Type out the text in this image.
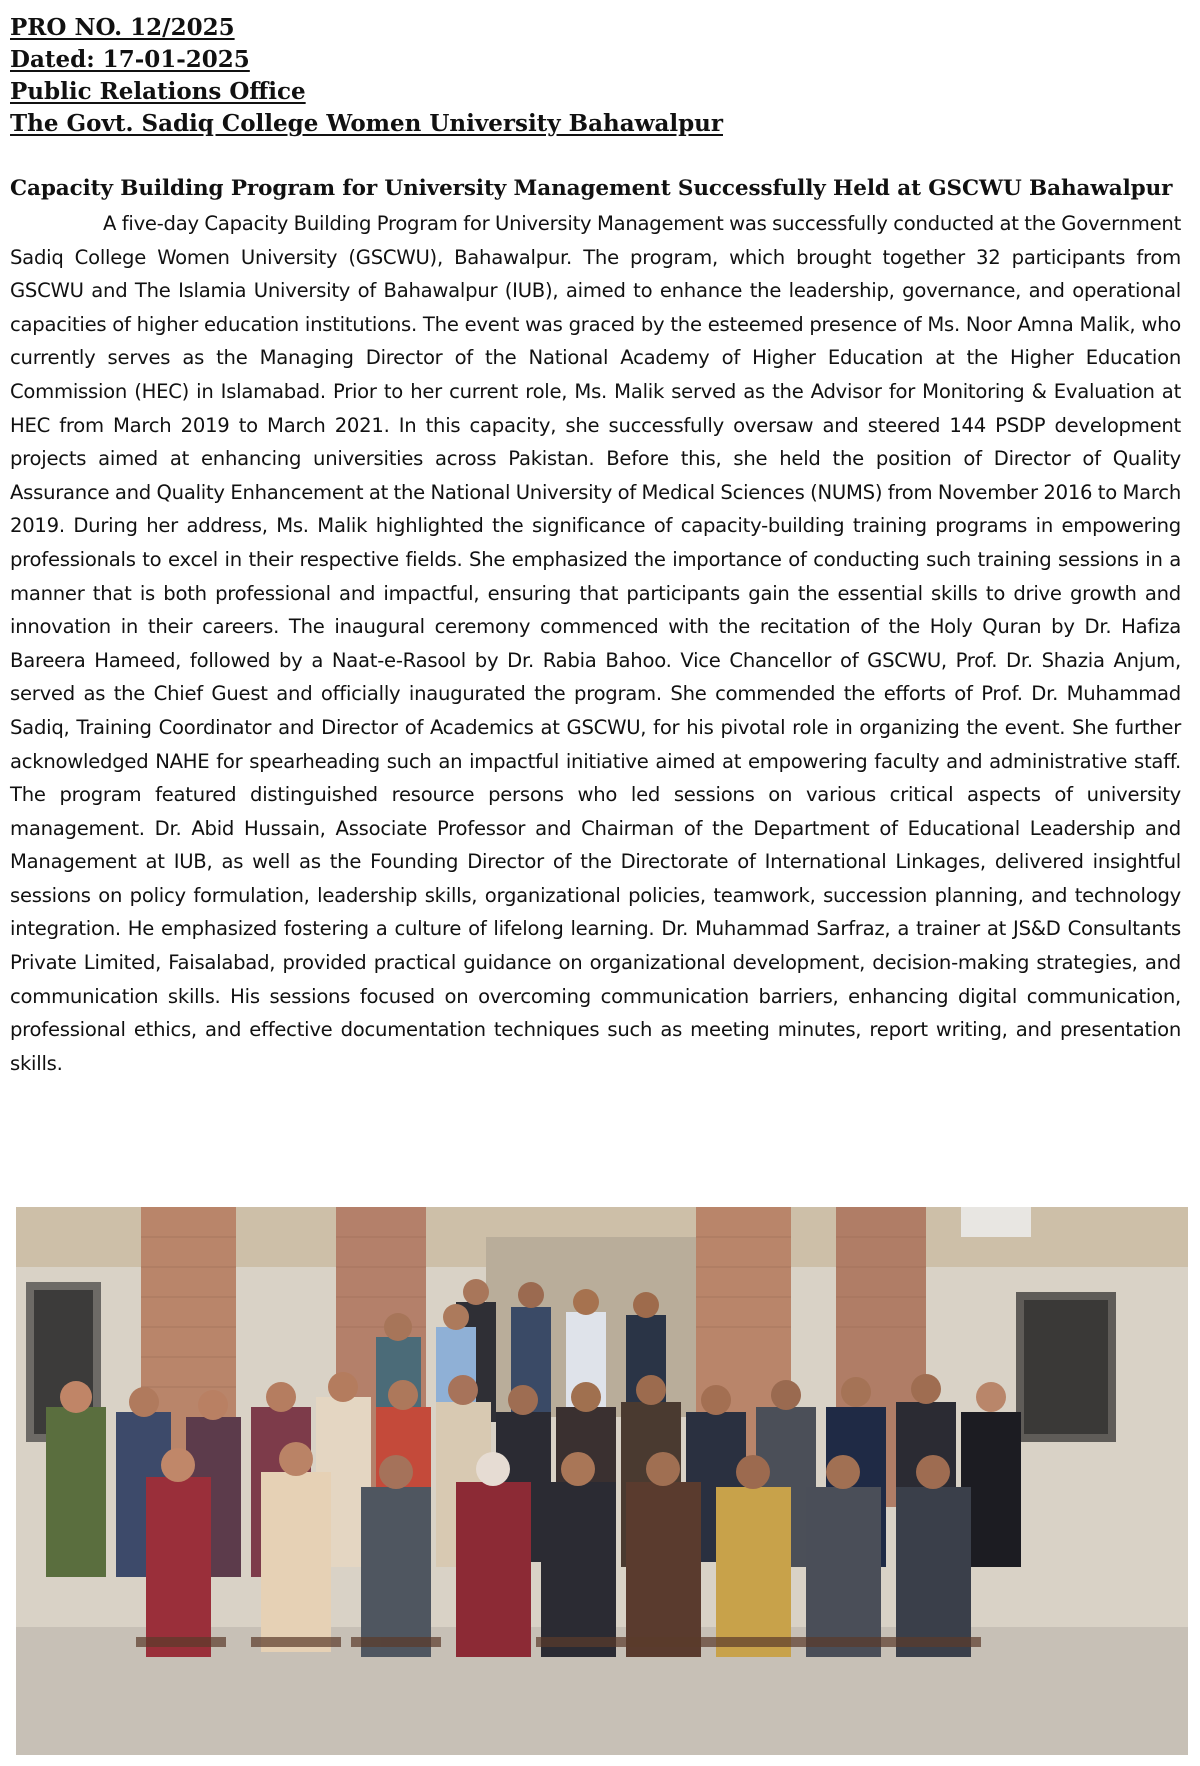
PRO NO. 12/2025
Dated: 17-01-2025
Public Relations Office
The Govt. Sadiq College Women University Bahawalpur
Capacity Building Program for University Management Successfully Held at GSCWU Bahawalpur

A five-day Capacity Building Program for University Management was successfully conducted at the Government Sadiq College Women University (GSCWU), Bahawalpur. The program, which brought together 32 participants from GSCWU and The Islamia University of Bahawalpur (IUB), aimed to enhance the leadership, governance, and operational capacities of higher education institutions. The event was graced by the esteemed presence of Ms. Noor Amna Malik, who currently serves as the Managing Director of the National Academy of Higher Education at the Higher Education Commission (HEC) in Islamabad. Prior to her current role, Ms. Malik served as the Advisor for Monitoring & Evaluation at HEC from March 2019 to March 2021. In this capacity, she successfully oversaw and steered 144 PSDP development projects aimed at enhancing universities across Pakistan. Before this, she held the position of Director of Quality Assurance and Quality Enhancement at the National University of Medical Sciences (NUMS) from November 2016 to March 2019. During her address, Ms. Malik highlighted the significance of capacity-building training programs in empowering professionals to excel in their respective fields. She emphasized the importance of conducting such training sessions in a manner that is both professional and impactful, ensuring that participants gain the essential skills to drive growth and innovation in their careers. The inaugural ceremony commenced with the recitation of the Holy Quran by Dr. Hafiza Bareera Hameed, followed by a Naat-e-Rasool by Dr. Rabia Bahoo. Vice Chancellor of GSCWU, Prof. Dr. Shazia Anjum, served as the Chief Guest and officially inaugurated the program. She commended the efforts of Prof. Dr. Muhammad Sadiq, Training Coordinator and Director of Academics at GSCWU, for his pivotal role in organizing the event. She further acknowledged NAHE for spearheading such an impactful initiative aimed at empowering faculty and administrative staff. The program featured distinguished resource persons who led sessions on various critical aspects of university management. Dr. Abid Hussain, Associate Professor and Chairman of the Department of Educational Leadership and Management at IUB, as well as the Founding Director of the Directorate of International Linkages, delivered insightful sessions on policy formulation, leadership skills, organizational policies, teamwork, succession planning, and technology integration. He emphasized fostering a culture of lifelong learning. Dr. Muhammad Sarfraz, a trainer at JS&D Consultants Private Limited, Faisalabad, provided practical guidance on organizational development, decision-making strategies, and communication skills. His sessions focused on overcoming communication barriers, enhancing digital communication, professional ethics, and effective documentation techniques such as meeting minutes, report writing, and presentation skills.
